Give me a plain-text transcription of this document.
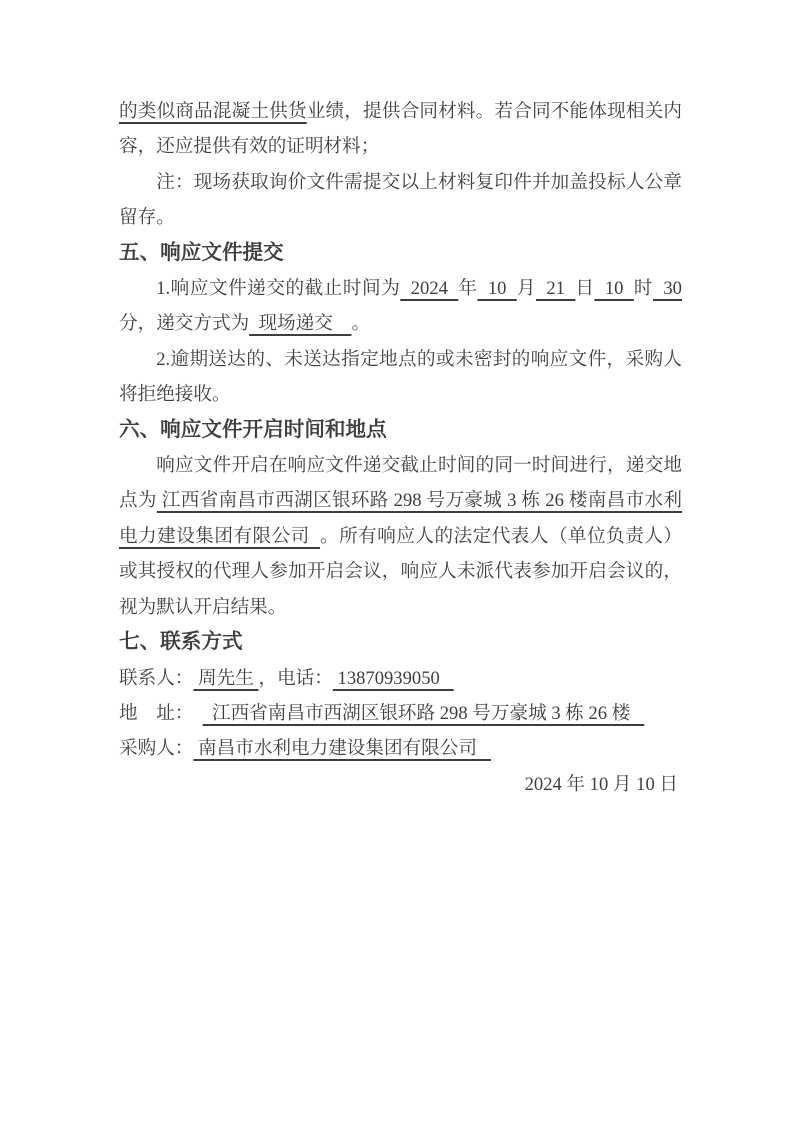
的类似商品混凝土供货业绩，提供合同材料。若合同不能体现相关内容，还应提供有效的证明材料；
注：现场获取询价文件需提交以上材料复印件并加盖投标人公章留存。
五、响应文件提交
1.响应文件递交的截止时间为  2024  年  10  月  21  日  10  时  30分，递交方式为  现场递交    。
2.逾期送达的、未送达指定地点的或未密封的响应文件，采购人将拒绝接收。
六、响应文件开启时间和地点
响应文件开启在响应文件递交截止时间的同一时间进行，递交地点为 江西省南昌市西湖区银环路 298 号万豪城 3 栋 26 楼南昌市水利电力建设集团有限公司  。所有响应人的法定代表人（单位负责人）或其授权的代理人参加开启会议，响应人未派代表参加开启会议的，视为默认开启结果。
七、联系方式
联系人： 周先生 ，电话： 13870939050
地　址：    江西省南昌市西湖区银环路 298 号万豪城 3 栋 26 楼
采购人： 南昌市水利电力建设集团有限公司
2024 年 10 月 10 日
